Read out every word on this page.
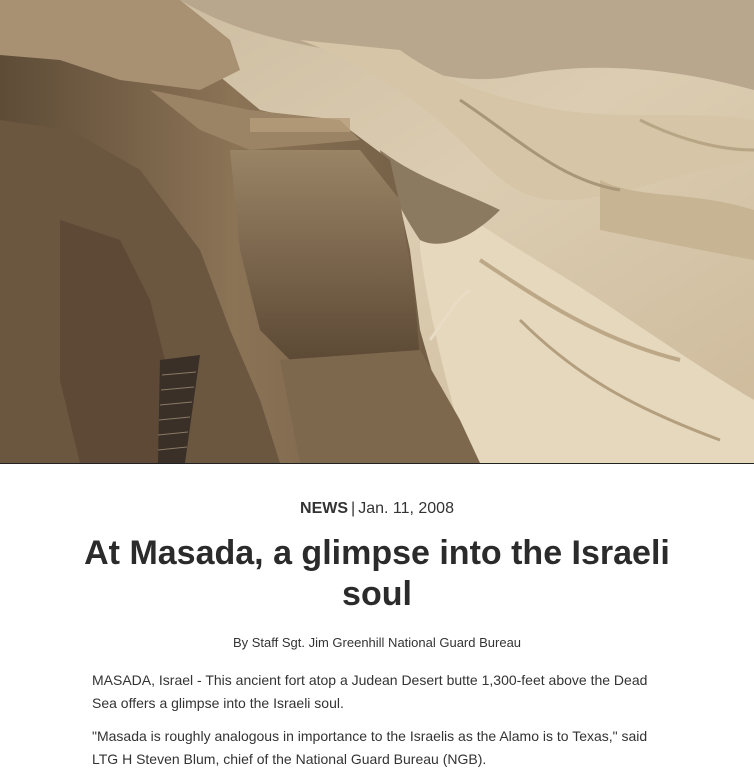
NEWS | Jan. 11, 2008

At Masada, a glimpse into the Israeli soul

By Staff Sgt. Jim Greenhill National Guard Bureau

MASADA, Israel - This ancient fort atop a Judean Desert butte 1,300-feet above the Dead Sea offers a glimpse into the Israeli soul.

"Masada is roughly analogous in importance to the Israelis as the Alamo is to Texas," said LTG H Steven Blum, chief of the National Guard Bureau (NGB).
